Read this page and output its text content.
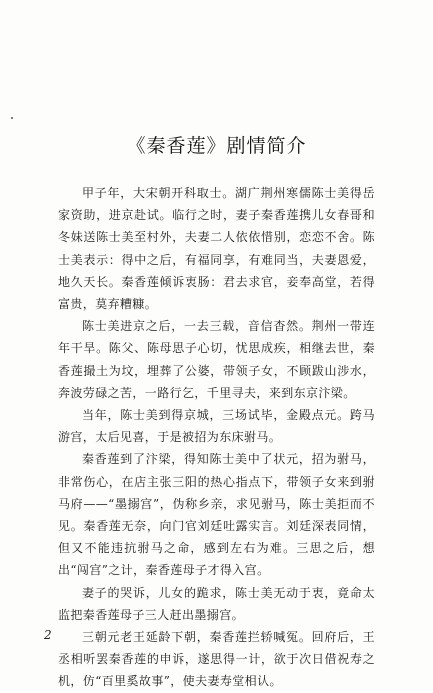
《秦香莲》剧情简介

甲子年，大宋朝开科取士。湖广荆州寒儒陈士美得岳家资助，进京赴试。临行之时，妻子秦香莲携儿女春哥和冬妹送陈士美至村外，夫妻二人依依惜别，恋恋不舍。陈士美表示：得中之后，有福同享，有难同当，夫妻恩爱，地久天长。秦香莲倾诉衷肠：君去求官，妾奉高堂，若得富贵，莫弃糟糠。

陈士美进京之后，一去三载，音信杳然。荆州一带连年干旱。陈父、陈母思子心切，忧思成疾，相继去世，秦香莲撮土为坟，埋葬了公婆，带领子女，不顾跋山涉水，奔波劳碌之苦，一路行乞，千里寻夫，来到东京汴梁。

当年，陈士美到得京城，三场试毕，金殿点元。跨马游宫，太后见喜，于是被招为东床驸马。

秦香莲到了汴梁，得知陈士美中了状元，招为驸马，非常伤心，在店主张三阳的热心指点下，带领子女来到驸马府——“墨搦宫”，伪称乡亲，求见驸马，陈士美拒而不见。秦香莲无奈，向门官刘廷吐露实言。刘廷深表同情，但又不能违抗驸马之命，感到左右为难。三思之后，想出“闯宫”之计，秦香莲母子才得入宫。

妻子的哭诉，儿女的跪求，陈士美无动于衷，竟命太监把秦香莲母子三人赶出墨搦宫。

三朝元老王延龄下朝，秦香莲拦轿喊冤。回府后，王丞相听罢秦香莲的申诉，遂思得一计，欲于次日借祝寿之机，仿“百里奚故事”，使夫妻寿堂相认。

2
